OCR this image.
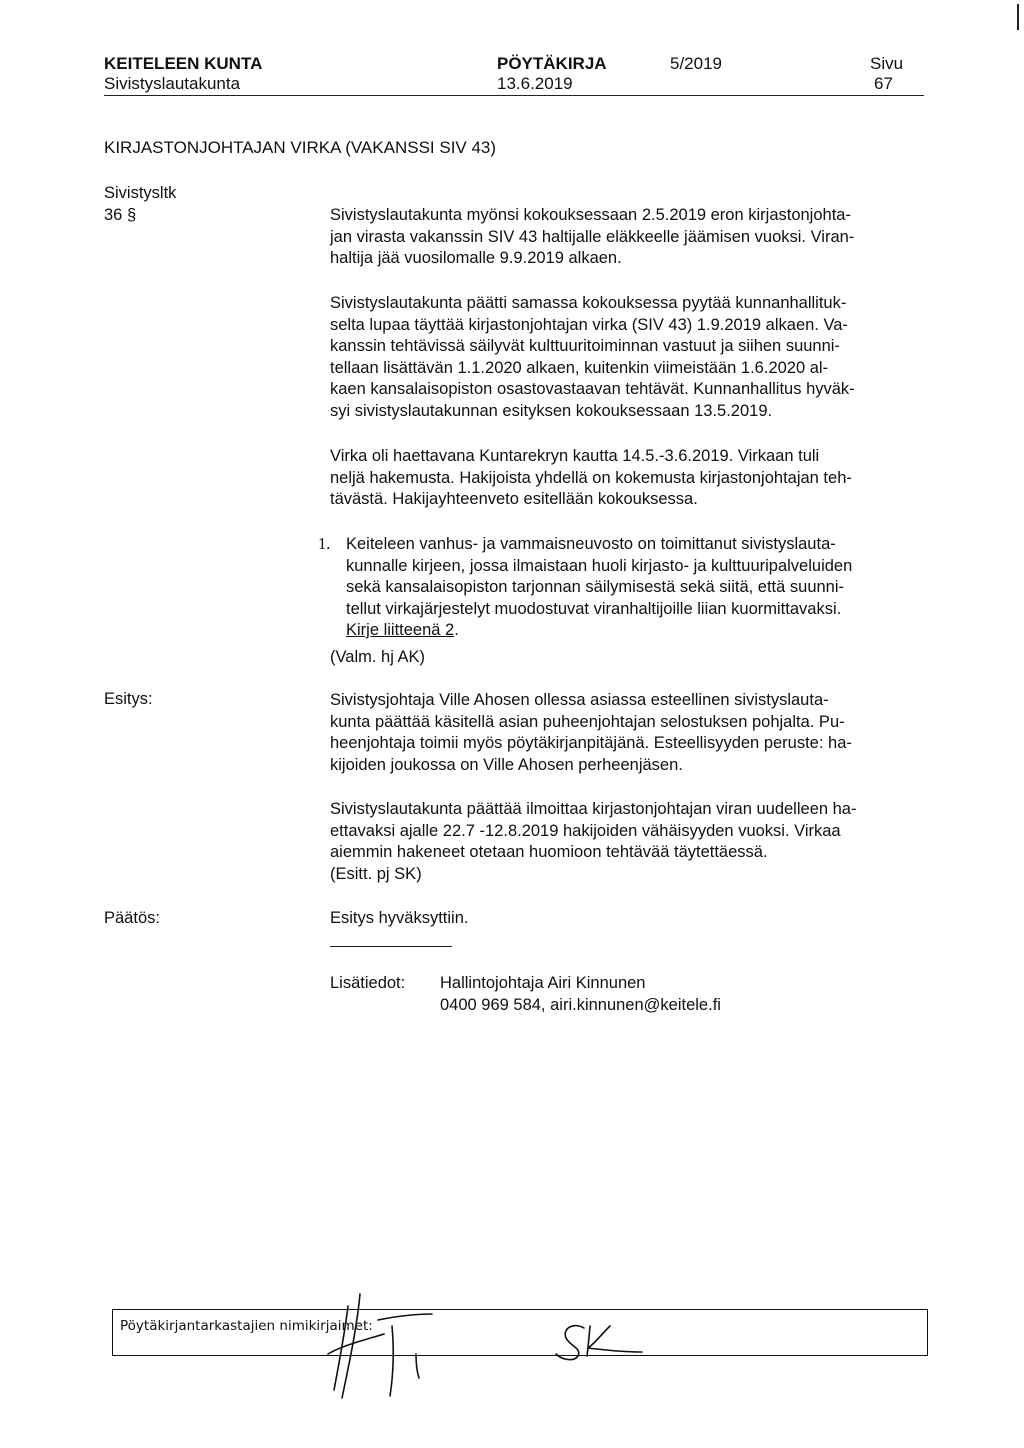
KEITELEEN KUNTA
Sivistyslautakunta
PÖYTÄKIRJA
13.6.2019
5/2019	Sivu
67
KIRJASTONJOHTAJAN VIRKA (VAKANSSI SIV 43)
Sivistysltk
36 §	Sivistyslautakunta myönsi kokouksessaan 2.5.2019 eron kirjastonjohta-
jan virasta vakanssin SIV 43 haltijalle eläkkeelle jäämisen vuoksi. Viran-
haltija jää vuosilomalle 9.9.2019 alkaen.
Sivistyslautakunta päätti samassa kokouksessa pyytää kunnanhallituk-
selta lupaa täyttää kirjastonjohtajan virka (SIV 43) 1.9.2019 alkaen. Va-
kanssin tehtävissä säilyvät kulttuuritoiminnan vastuut ja siihen suunni-
tellaan lisättävän 1.1.2020 alkaen, kuitenkin viimeistään 1.6.2020 al-
kaen kansalaisopiston osastovastaavan tehtävät. Kunnanhallitus hyväk-
syi sivistyslautakunnan esityksen kokouksessaan 13.5.2019.
Virka oli haettavana Kuntarekryn kautta 14.5.-3.6.2019. Virkaan tuli
neljä hakemusta. Hakijoista yhdellä on kokemusta kirjastonjohtajan teh-
tävästä. Hakijayhteenveto esitellään kokouksessa.
1. Keiteleen vanhus- ja vammaisneuvosto on toimittanut sivistyslauta-
kunnalle kirjeen, jossa ilmaistaan huoli kirjasto- ja kulttuuripalveluiden
sekä kansalaisopiston tarjonnan säilymisestä sekä siitä, että suunni-
tellut virkajärjestelyt muodostuvat viranhaltijoille liian kuormittavaksi.
Kirje liitteenä 2.
(Valm. hj AK)
Esitys:	Sivistysjohtaja Ville Ahosen ollessa asiassa esteellinen sivistyslauta-
kunta päättää käsitellä asian puheenjohtajan selostuksen pohjalta. Pu-
heenjohtaja toimii myös pöytäkirjanpitäjänä. Esteellisyyden peruste: ha-
kijoiden joukossa on Ville Ahosen perheenjäsen.
Sivistyslautakunta päättää ilmoittaa kirjastonjohtajan viran uudelleen ha-
ettavaksi ajalle 22.7 -12.8.2019 hakijoiden vähäisyyden vuoksi. Virkaa
aiemmin hakeneet otetaan huomioon tehtävää täytettäessä.
(Esitt. pj SK)
Päätös:	Esitys hyväksyttiin.
Lisätiedot: Hallintojohtaja Airi Kinnunen
0400 969 584, airi.kinnunen@keitele.fi
Pöytäkirjantarkastajien nimikirjaimet:
